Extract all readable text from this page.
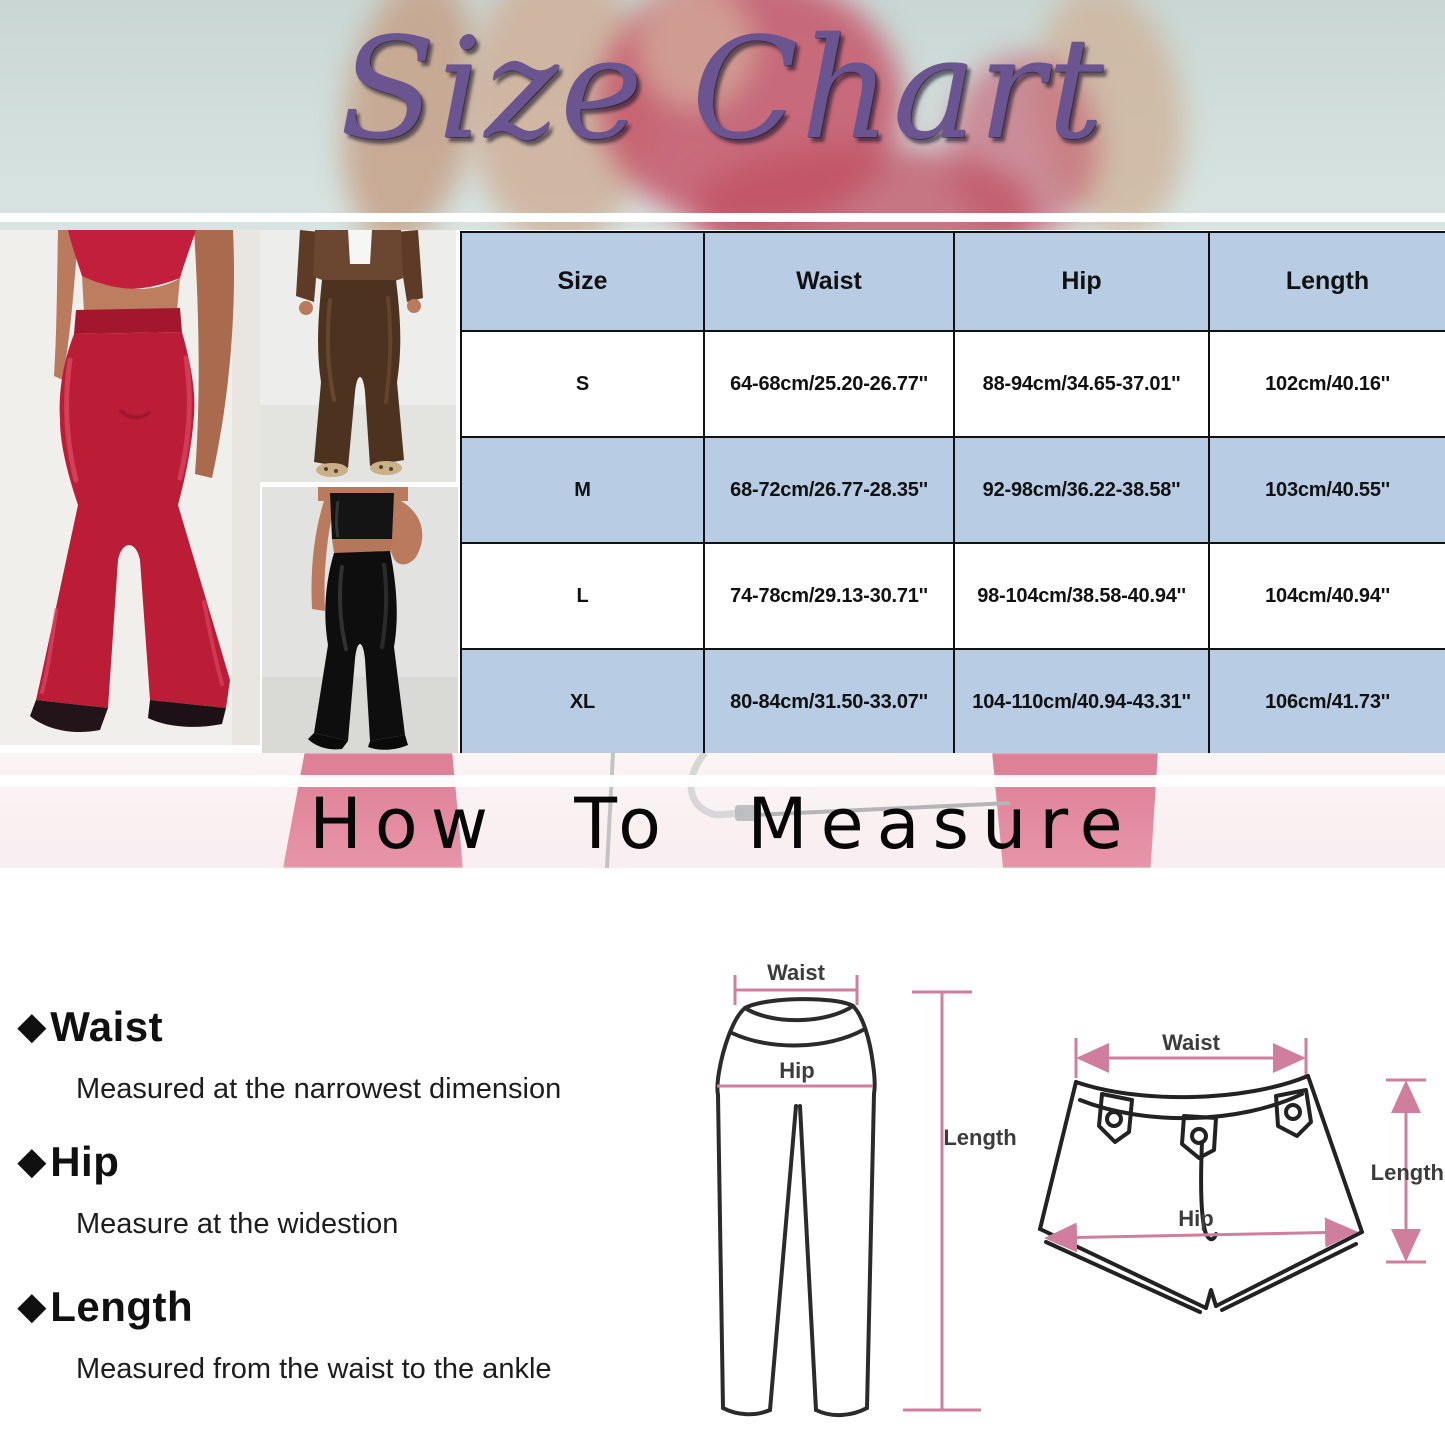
Size Chart
Size	Waist	Hip	Length
S	64-68cm/25.20-26.77''	88-94cm/34.65-37.01''	102cm/40.16''
M	68-72cm/26.77-28.35''	92-98cm/36.22-38.58''	103cm/40.55''
L	74-78cm/29.13-30.71''	98-104cm/38.58-40.94''	104cm/40.94''
XL	80-84cm/31.50-33.07''	104-110cm/40.94-43.31''	106cm/41.73''
How To Measure
◆Waist
Measured at the narrowest dimension
◆Hip
Measure at the widestion
◆Length
Measured from the waist to the ankle
Waist
Hip
Length
Waist
Hip
Length
